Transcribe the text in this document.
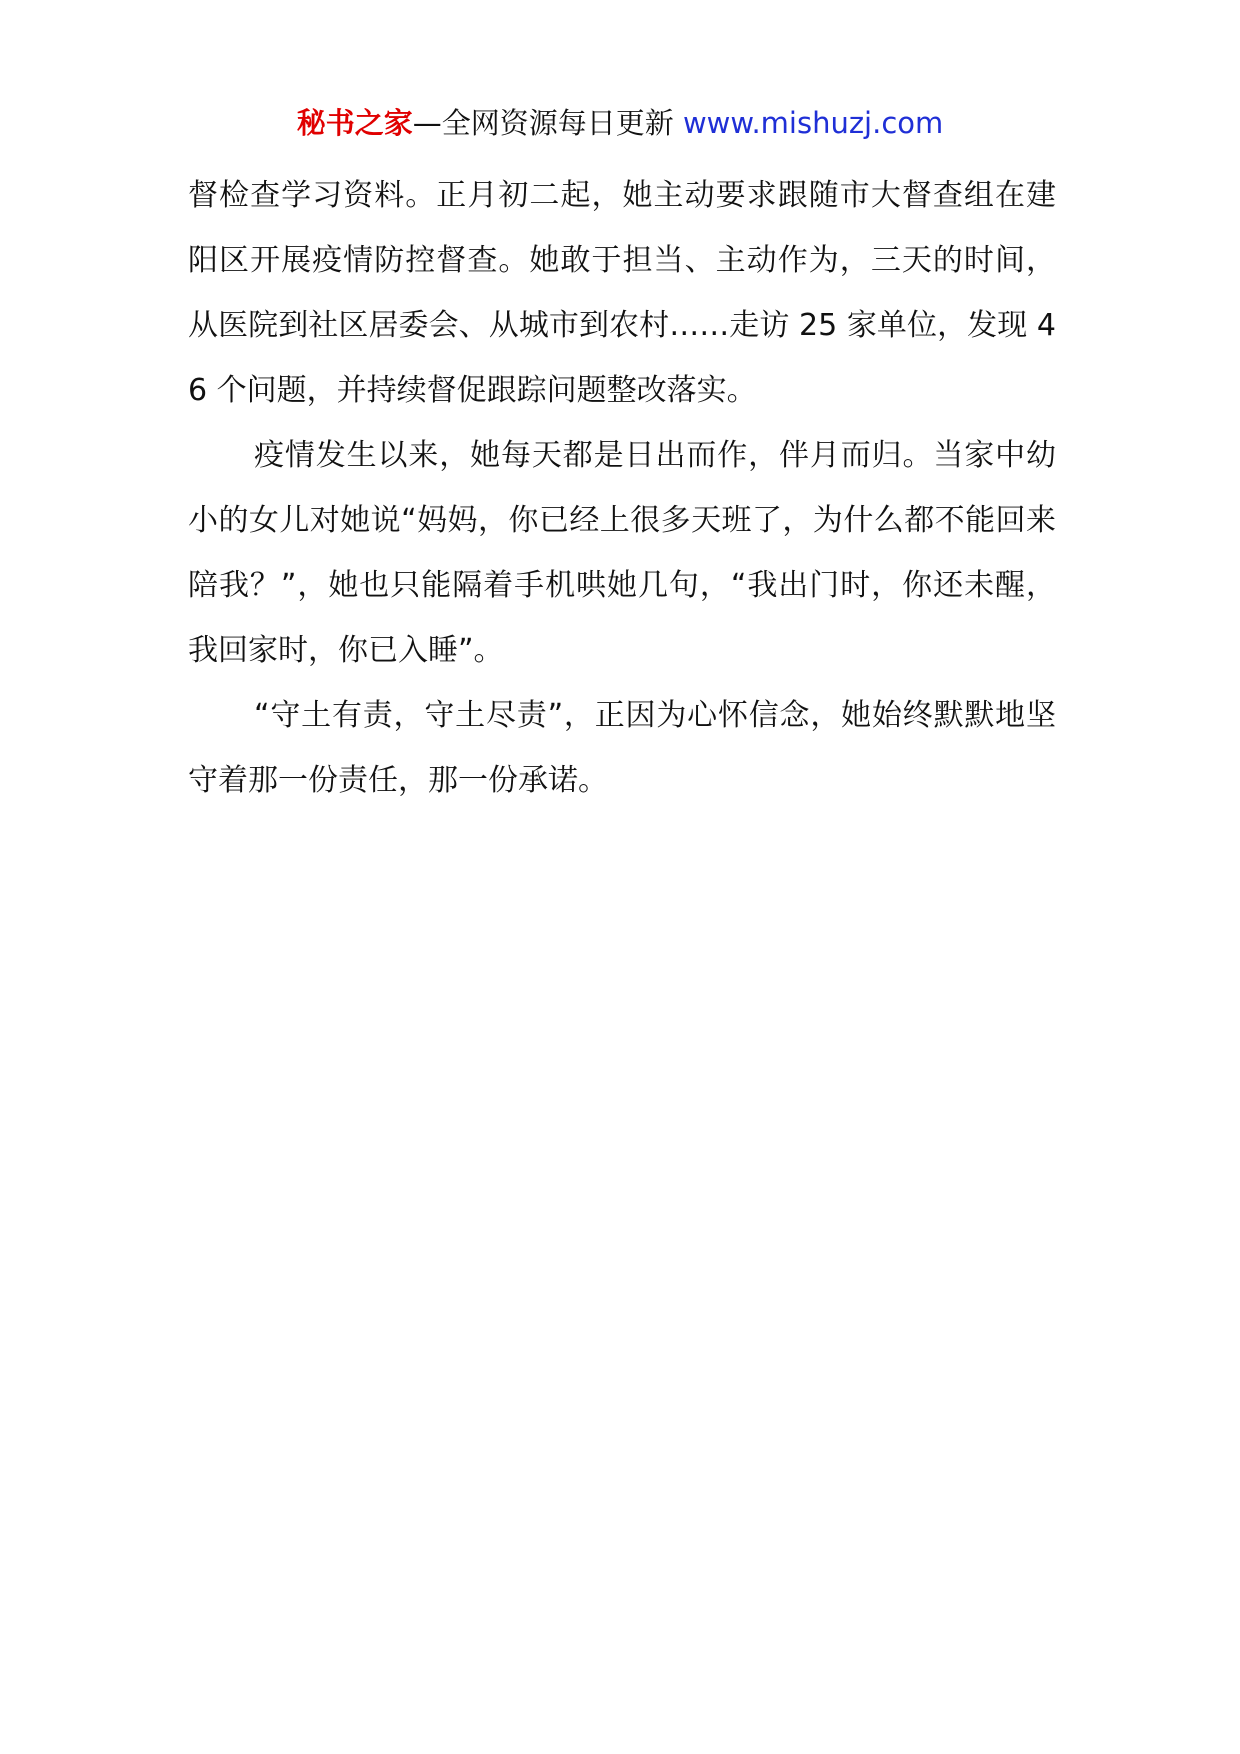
秘书之家—全网资源每日更新 www.mishuzj.com

督检查学习资料。正月初二起，她主动要求跟随市大督查组在建阳区开展疫情防控督查。她敢于担当、主动作为，三天的时间，从医院到社区居委会、从城市到农村……走访 25 家单位，发现 46 个问题，并持续督促跟踪问题整改落实。

疫情发生以来，她每天都是日出而作，伴月而归。当家中幼小的女儿对她说“妈妈，你已经上很多天班了，为什么都不能回来陪我？”，她也只能隔着手机哄她几句，“我出门时，你还未醒，我回家时，你已入睡”。

“守土有责，守土尽责”，正因为心怀信念，她始终默默地坚守着那一份责任，那一份承诺。
